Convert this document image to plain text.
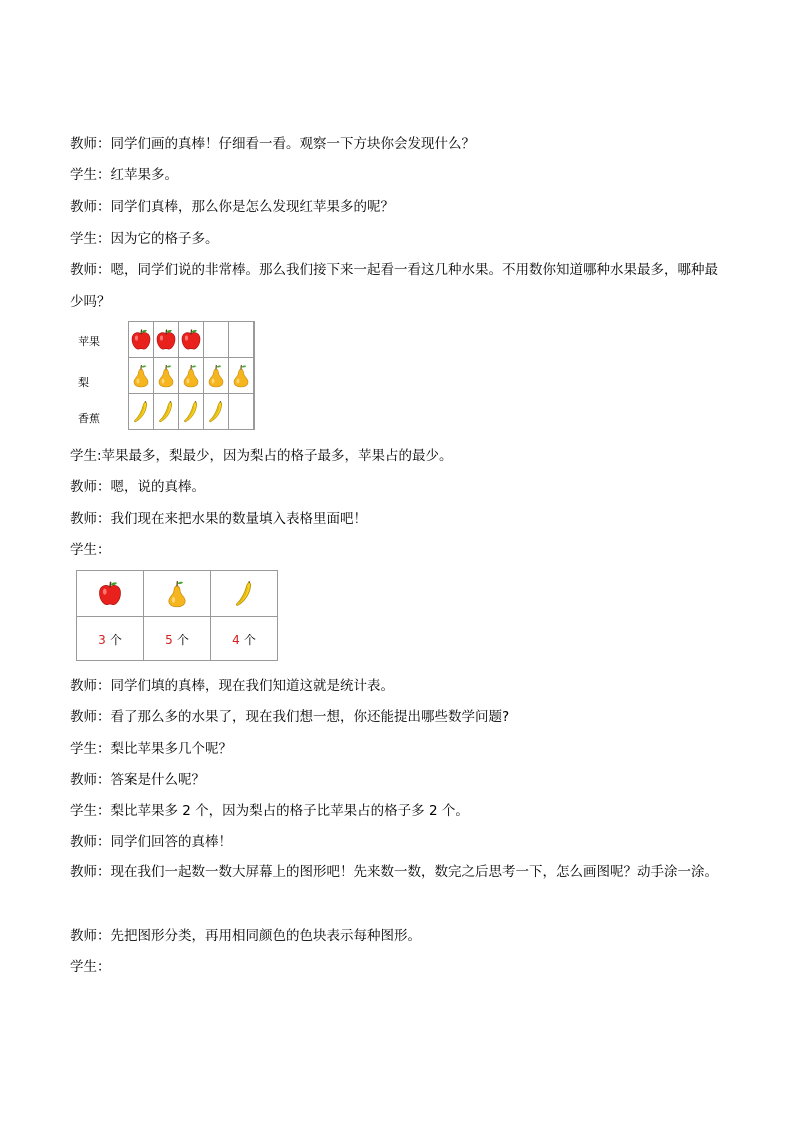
教师：同学们画的真棒！仔细看一看。观察一下方块你会发现什么？
学生：红苹果多。
教师：同学们真棒，那么你是怎么发现红苹果多的呢？
学生：因为它的格子多。
教师：嗯，同学们说的非常棒。那么我们接下来一起看一看这几种水果。不用数你知道哪种水果最多，哪种最少吗？
苹果
梨
香蕉

学生:苹果最多，梨最少，因为梨占的格子最多，苹果占的最少。
教师：嗯，说的真棒。
教师：我们现在来把水果的数量填入表格里面吧！
学生：

3 个	5 个	4 个
教师：同学们填的真棒，现在我们知道这就是统计表。
教师：看了那么多的水果了，现在我们想一想，你还能提出哪些数学问题?
学生：梨比苹果多几个呢？
教师：答案是什么呢？
学生：梨比苹果多 2 个，因为梨占的格子比苹果占的格子多 2 个。
教师：同学们回答的真棒！
教师：现在我们一起数一数大屏幕上的图形吧！先来数一数，数完之后思考一下，怎么画图呢？动手涂一涂。
教师：先把图形分类，再用相同颜色的色块表示每种图形。
学生：
